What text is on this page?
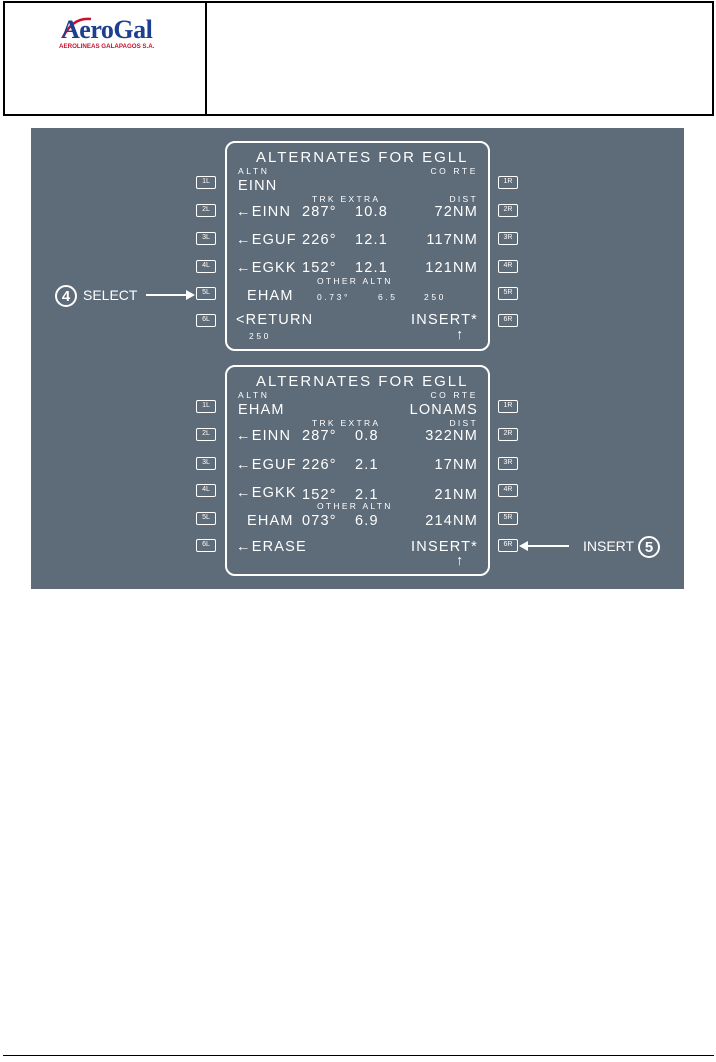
AeroGal
AEROLINEAS GALAPAGOS S.A.
1L
2L
3L
4L
5L
6L
1R
2R
3R
4R
5R
6R
4 SELECT
ALTERNATES FOR EGLL
ALTN	CO RTE
EINN
TRK EXTRA	DIST
←EINN 287° 10.8	72NM
←EGUF 226° 12.1	117NM
←EGKK 152° 12.1	121NM
OTHER ALTN
EHAM	0.73°	6.5	250
<RETURN	INSERT*
250	↑
1L
2L
3L
4L
5L
6L
1R
2R
3R
4R
5R
6R	INSERT 5
ALTERNATES FOR EGLL
ALTN	CO RTE
EHAM	LONAMS
TRK EXTRA	DIST
←EINN 287° 0.8	322NM
←EGUF 226° 2.1	17NM
←EGKK 152° 2.1	21NM
OTHER ALTN
EHAM 073° 6.9	214NM
←ERASE	INSERT*
↑
